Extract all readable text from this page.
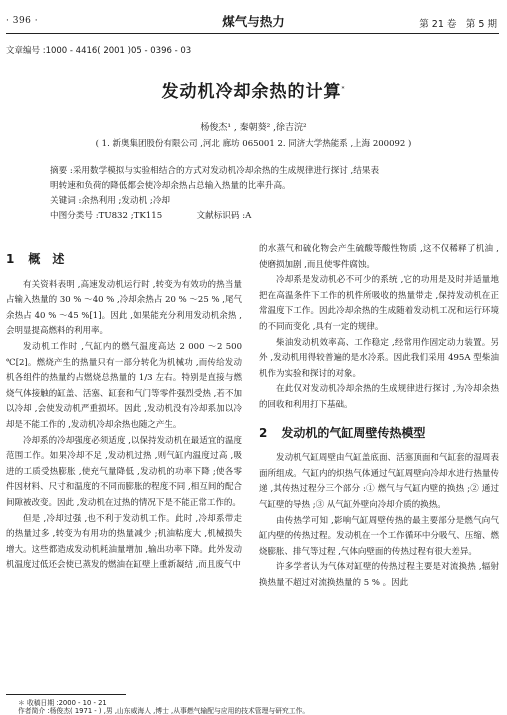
· 396 ·	煤气与热力	第 21 卷　第 5 期
文章编号 :1000 - 4416( 2001 )05 - 0396 - 03
发动机冷却余热的计算*
杨俊杰¹ , 秦朝葵² ,徐吉浣²
( 1. 新奥集团股份有限公司 ,河北 廊坊 065001 2. 同济大学热能系 ,上海 200092 )
摘要 :采用数学模拟与实验相结合的方式对发动机冷却余热的生成规律进行探讨 ,结果表
明转速和负荷的降低都会使冷却余热占总输入热量的比率升高。
关键词 :余热利用 ;发动机 ;冷却
中图分类号 :TU832 ;TK115　　　　文献标识码 :A
1 概　述

有关资料表明 ,高速发动机运行时 ,转变为有效功的热当量占输入热量的 30 % ～40 % ,冷却余热占 20 % ～25 % ,尾气余热占 40 % ～45 %[1]。因此 ,如果能充分利用发动机余热 ,会明显提高燃料的利用率。

发动机工作时 ,气缸内的燃气温度高达 2 000 ～2 500 ℃[2]。燃烧产生的热量只有一部分转化为机械功 ,而传给发动机各组件的热量约占燃烧总热量的 1/3 左右。特别是直接与燃烧气体接触的缸盖、活塞、缸套和气门等零件强烈受热 ,若不加以冷却 ,会使发动机严重损坏。因此 ,发动机没有冷却系加以冷却是不能工作的 ,发动机冷却余热也随之产生。

冷却系的冷却强度必须适度 ,以保持发动机在最适宜的温度范围工作。如果冷却不足 ,发动机过热 ,则气缸内温度过高 ,吸进的工质受热膨胀 ,使充气量降低 ,发动机的功率下降 ;使各零件因材料、尺寸和温度的不同而膨胀的程度不同 ,相互间的配合间隙被改变。因此 ,发动机在过热的情况下是不能正常工作的。

但是 ,冷却过强 ,也不利于发动机工作。此时 ,冷却系带走的热量过多 ,转变为有用功的热量减少 ;机油粘度大 ,机械损失增大。这些都造成发动机耗油量增加 ,输出功率下降。此外发动机温度过低还会使已蒸发的燃油在缸壁上重新凝结 ,而且废气中

的水蒸气和硫化物会产生硫酸等酸性物质 ,这不仅稀释了机油 ,使磨损加剧 ,而且使零件腐蚀。

冷却系是发动机必不可少的系统 ,它的功用是及时并适量地把在高温条件下工作的机件所吸收的热量带走 ,保持发动机在正常温度下工作。因此冷却余热的生成随着发动机工况和运行环境的不同而变化 ,具有一定的规律。

柴油发动机效率高、工作稳定 ,经常用作固定动力装置。另外 ,发动机用得较普遍的是水冷系。因此我们采用 495A 型柴油机作为实验和探讨的对象。

在此仅对发动机冷却余热的生成规律进行探讨 ,为冷却余热的回收和利用打下基础。

2 发动机的气缸周壁传热模型

发动机气缸周壁由气缸盖底面、活塞顶面和气缸套的湿周表面所组成。气缸内的炽热气体通过气缸周壁向冷却水进行热量传递 ,其传热过程分三个部分 :① 燃气与气缸内壁的换热 ;② 通过气缸壁的导热 ;③ 从气缸外壁向冷却介质的换热。

由传热学可知 ,影响气缸周壁传热的最主要部分是燃气向气缸内壁的传热过程。发动机在一个工作循环中分吸气、压缩、燃烧膨胀、排气等过程 ,气体向壁面的传热过程有很大差异。

许多学者认为气体对缸壁的传热过程主要是对流换热 ,辐射换热量不超过对流换热量的 5 % 。因此

＊ 收稿日期 :2000 - 10 - 21
作者简介 :杨俊杰( 1971 - ) ,男 ,山东威海人 ,博士 ,从事燃气输配与应用的技术管理与研究工作。
